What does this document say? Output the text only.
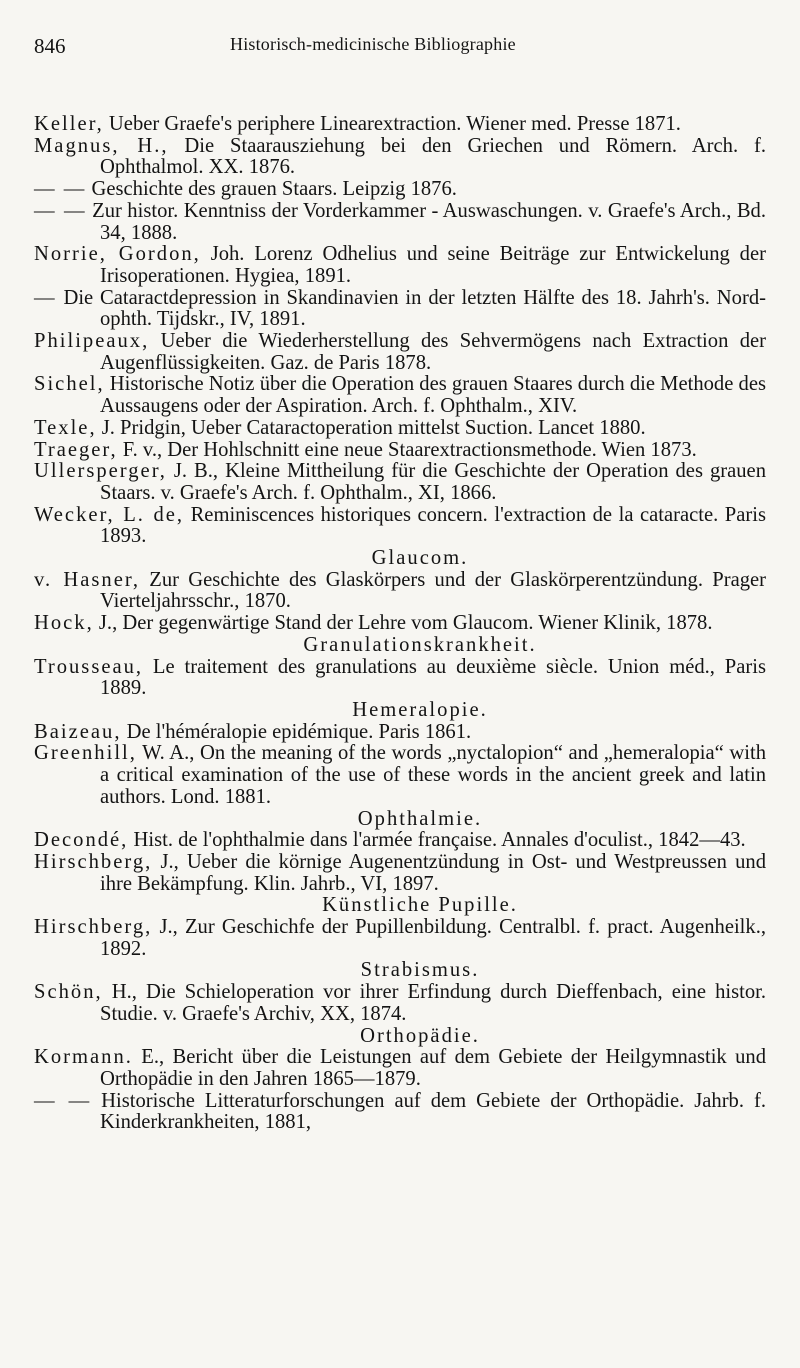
846	Historisch-medicinische Bibliographie

Keller, Ueber Graefe's periphere Linearextraction. Wiener med. Presse 1871.

Magnus, H., Die Staarausziehung bei den Griechen und Römern. Arch. f. Ophthalmol. XX. 1876.

— — Geschichte des grauen Staars. Leipzig 1876.

— — Zur histor. Kenntniss der Vorderkammer - Auswaschungen. v. Graefe's Arch., Bd. 34, 1888.

Norrie, Gordon, Joh. Lorenz Odhelius und seine Beiträge zur Entwickelung der Irisoperationen. Hygiea, 1891.

— Die Cataractdepression in Skandinavien in der letzten Hälfte des 18. Jahrh's. Nord-ophth. Tijdskr., IV, 1891.

Philipeaux, Ueber die Wiederherstellung des Sehvermögens nach Extraction der Augenflüssigkeiten. Gaz. de Paris 1878.

Sichel, Historische Notiz über die Operation des grauen Staares durch die Methode des Aussaugens oder der Aspiration. Arch. f. Ophthalm., XIV.

Texle, J. Pridgin, Ueber Cataractoperation mittelst Suction. Lancet 1880.

Traeger, F. v., Der Hohlschnitt eine neue Staarextractionsmethode. Wien 1873.

Ullersperger, J. B., Kleine Mittheilung für die Geschichte der Operation des grauen Staars. v. Graefe's Arch. f. Ophthalm., XI, 1866.

Wecker, L. de, Reminiscences historiques concern. l'extraction de la cataracte. Paris 1893.

Glaucom.

v. Hasner, Zur Geschichte des Glaskörpers und der Glaskörperentzündung. Prager Vierteljahrsschr., 1870.

Hock, J., Der gegenwärtige Stand der Lehre vom Glaucom. Wiener Klinik, 1878.

Granulationskrankheit.

Trousseau, Le traitement des granulations au deuxième siècle. Union méd., Paris 1889.

Hemeralopie.

Baizeau, De l'héméralopie epidémique. Paris 1861.

Greenhill, W. A., On the meaning of the words „nyctalopion“ and „hemeralopia“ with a critical examination of the use of these words in the ancient greek and latin authors. Lond. 1881.

Ophthalmie.

Decondé, Hist. de l'ophthalmie dans l'armée française. Annales d'oculist., 1842—43.

Hirschberg, J., Ueber die körnige Augenentzündung in Ost- und Westpreussen und ihre Bekämpfung. Klin. Jahrb., VI, 1897.

Künstliche Pupille.

Hirschberg, J., Zur Geschichfe der Pupillenbildung. Centralbl. f. pract. Augenheilk., 1892.

Strabismus.

Schön, H., Die Schieloperation vor ihrer Erfindung durch Dieffenbach, eine histor. Studie. v. Graefe's Archiv, XX, 1874.

Orthopädie.

Kormann. E., Bericht über die Leistungen auf dem Gebiete der Heilgymnastik und Orthopädie in den Jahren 1865—1879.

— — Historische Litteraturforschungen auf dem Gebiete der Orthopädie. Jahrb. f. Kinderkrankheiten, 1881,
